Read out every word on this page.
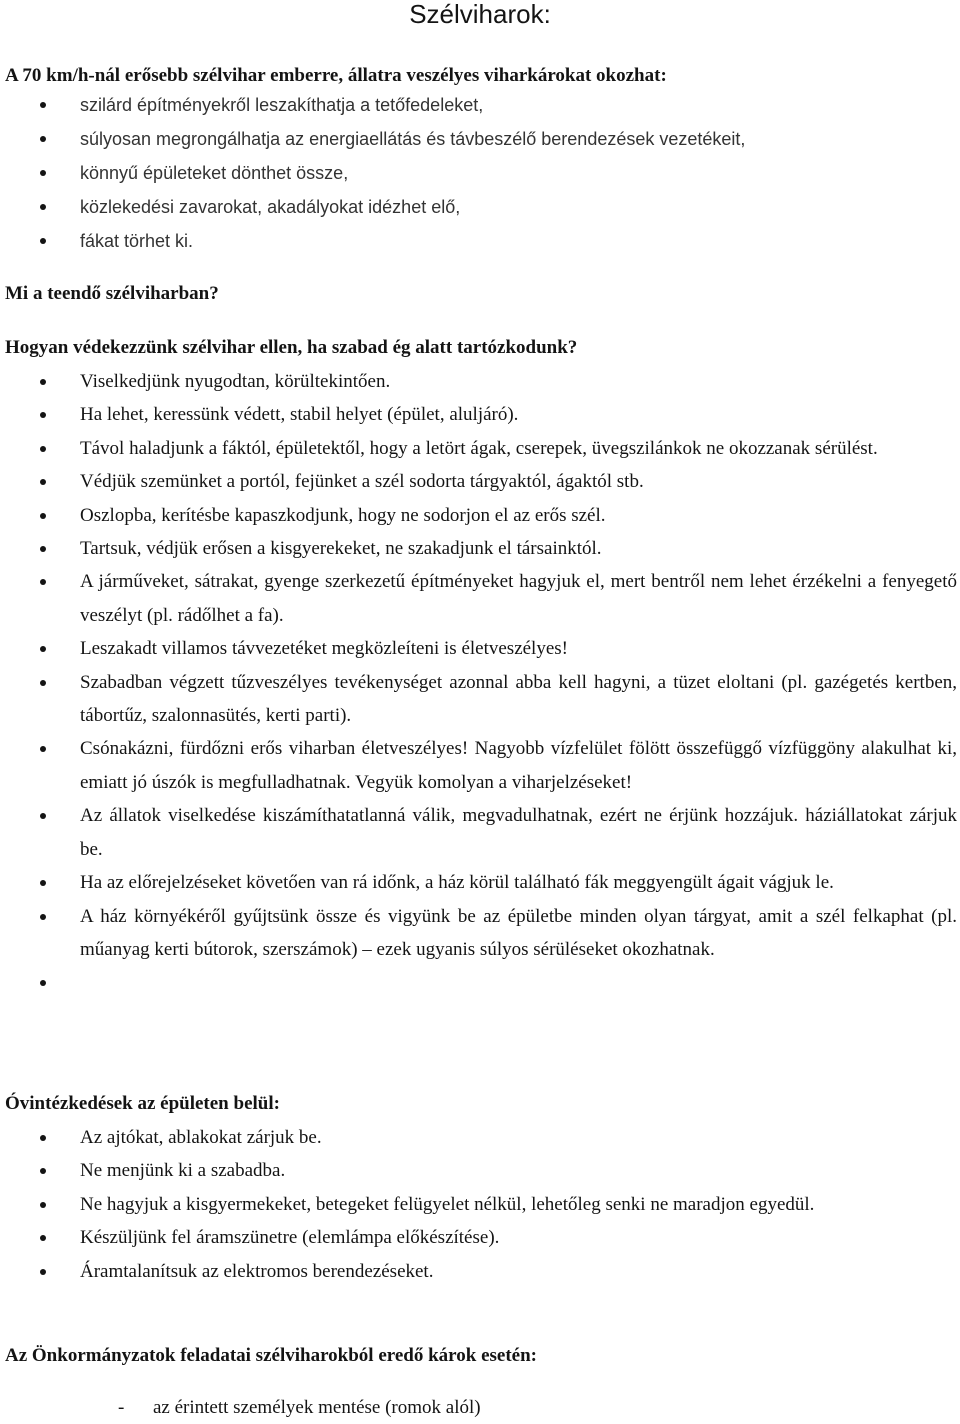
Szélviharok:

A 70 km/h-nál erősebb szélvihar emberre, állatra veszélyes viharkárokat okozhat:

szilárd építményekről leszakíthatja a tetőfedeleket,
súlyosan megrongálhatja az energiaellátás és távbeszélő berendezések vezetékeit,
könnyű épületeket dönthet össze,
közlekedési zavarokat, akadályokat idézhet elő,
fákat törhet ki.

Mi a teendő szélviharban?

Hogyan védekezzünk szélvihar ellen, ha szabad ég alatt tartózkodunk?

Viselkedjünk nyugodtan, körültekintően.
Ha lehet, keressünk védett, stabil helyet (épület, aluljáró).
Távol haladjunk a fáktól, épületektől, hogy a letört ágak, cserepek, üvegszilánkok ne okozzanak sérülést.
Védjük szemünket a portól, fejünket a szél sodorta tárgyaktól, ágaktól stb.
Oszlopba, kerítésbe kapaszkodjunk, hogy ne sodorjon el az erős szél.
Tartsuk, védjük erősen a kisgyerekeket, ne szakadjunk el társainktól.
A járműveket, sátrakat, gyenge szerkezetű építményeket hagyjuk el, mert bentről nem lehet érzékelni a fenyegető veszélyt (pl. rádőlhet a fa).
Leszakadt villamos távvezetéket megközleíteni is életveszélyes!
Szabadban végzett tűzveszélyes tevékenységet azonnal abba kell hagyni, a tüzet eloltani (pl. gazégetés kertben, tábortűz, szalonnasütés, kerti parti).
Csónakázni, fürdőzni erős viharban életveszélyes! Nagyobb vízfelület fölött összefüggő vízfüggöny alakulhat ki, emiatt jó úszók is megfulladhatnak. Vegyük komolyan a viharjelzéseket!
Az állatok viselkedése kiszámíthatatlanná válik, megvadulhatnak, ezért ne érjünk hozzájuk. háziállatokat zárjuk be.
Ha az előrejelzéseket követően van rá időnk, a ház körül található fák meggyengült ágait vágjuk le.
A ház környékéről gyűjtsünk össze és vigyünk be az épületbe minden olyan tárgyat, amit a szél felkaphat (pl. műanyag kerti bútorok, szerszámok) – ezek ugyanis súlyos sérüléseket okozhatnak.

Óvintézkedések az épületen belül:

Az ajtókat, ablakokat zárjuk be.
Ne menjünk ki a szabadba.
Ne hagyjuk a kisgyermekeket, betegeket felügyelet nélkül, lehetőleg senki ne maradjon egyedül.
Készüljünk fel áramszünetre (elemlámpa előkészítése).
Áramtalanítsuk az elektromos berendezéseket.

Az Önkormányzatok feladatai szélviharokból eredő károk esetén:

- az érintett személyek mentése (romok alól)
